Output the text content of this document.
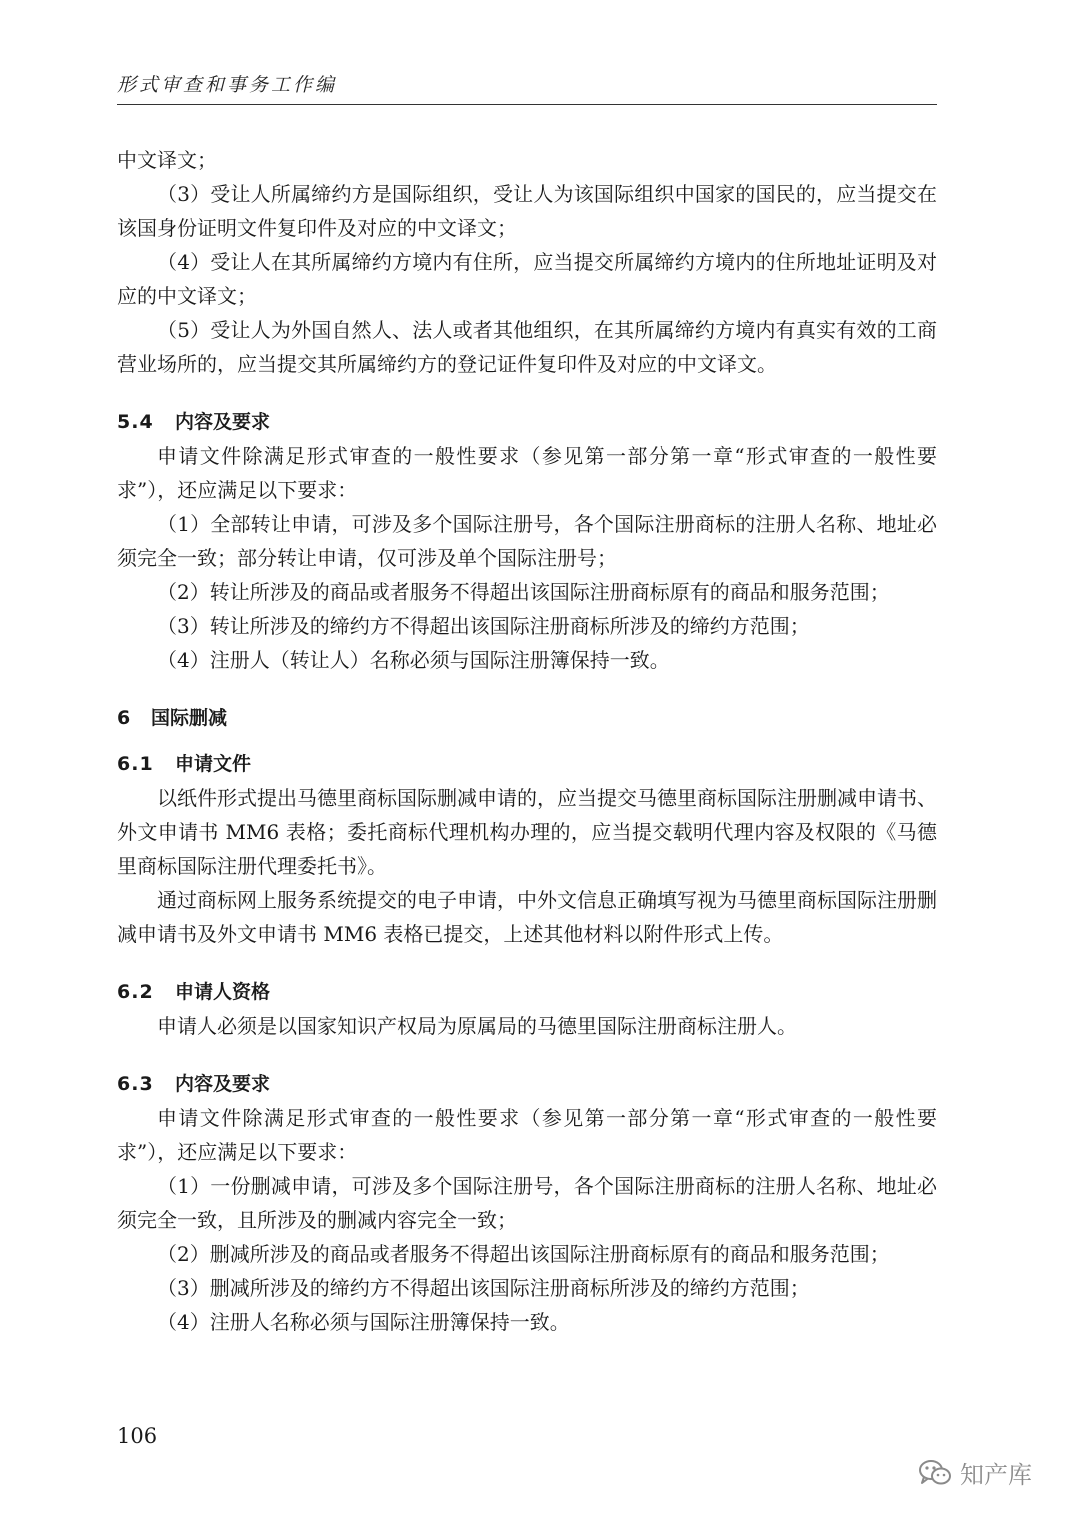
形式审查和事务工作编

中文译文；

（3）受让人所属缔约方是国际组织，受让人为该国际组织中国家的国民的，应当提交在该国身份证明文件复印件及对应的中文译文；

（4）受让人在其所属缔约方境内有住所，应当提交所属缔约方境内的住所地址证明及对应的中文译文；

（5）受让人为外国自然人、法人或者其他组织，在其所属缔约方境内有真实有效的工商营业场所的，应当提交其所属缔约方的登记证件复印件及对应的中文译文。

5.4 内容及要求

申请文件除满足形式审查的一般性要求（参见第一部分第一章“形式审查的一般性要求”），还应满足以下要求：

（1）全部转让申请，可涉及多个国际注册号，各个国际注册商标的注册人名称、地址必须完全一致；部分转让申请，仅可涉及单个国际注册号；

（2）转让所涉及的商品或者服务不得超出该国际注册商标原有的商品和服务范围；

（3）转让所涉及的缔约方不得超出该国际注册商标所涉及的缔约方范围；

（4）注册人（转让人）名称必须与国际注册簿保持一致。

6 国际删减
6.1 申请文件

以纸件形式提出马德里商标国际删减申请的，应当提交马德里商标国际注册删减申请书、外文申请书 MM6 表格；委托商标代理机构办理的，应当提交载明代理内容及权限的《马德里商标国际注册代理委托书》。

通过商标网上服务系统提交的电子申请，中外文信息正确填写视为马德里商标国际注册删减申请书及外文申请书 MM6 表格已提交，上述其他材料以附件形式上传。

6.2 申请人资格

申请人必须是以国家知识产权局为原属局的马德里国际注册商标注册人。

6.3 内容及要求

申请文件除满足形式审查的一般性要求（参见第一部分第一章“形式审查的一般性要求”），还应满足以下要求：

（1）一份删减申请，可涉及多个国际注册号，各个国际注册商标的注册人名称、地址必须完全一致，且所涉及的删减内容完全一致；

（2）删减所涉及的商品或者服务不得超出该国际注册商标原有的商品和服务范围；

（3）删减所涉及的缔约方不得超出该国际注册商标所涉及的缔约方范围；

（4）注册人名称必须与国际注册簿保持一致。

106
知产库
